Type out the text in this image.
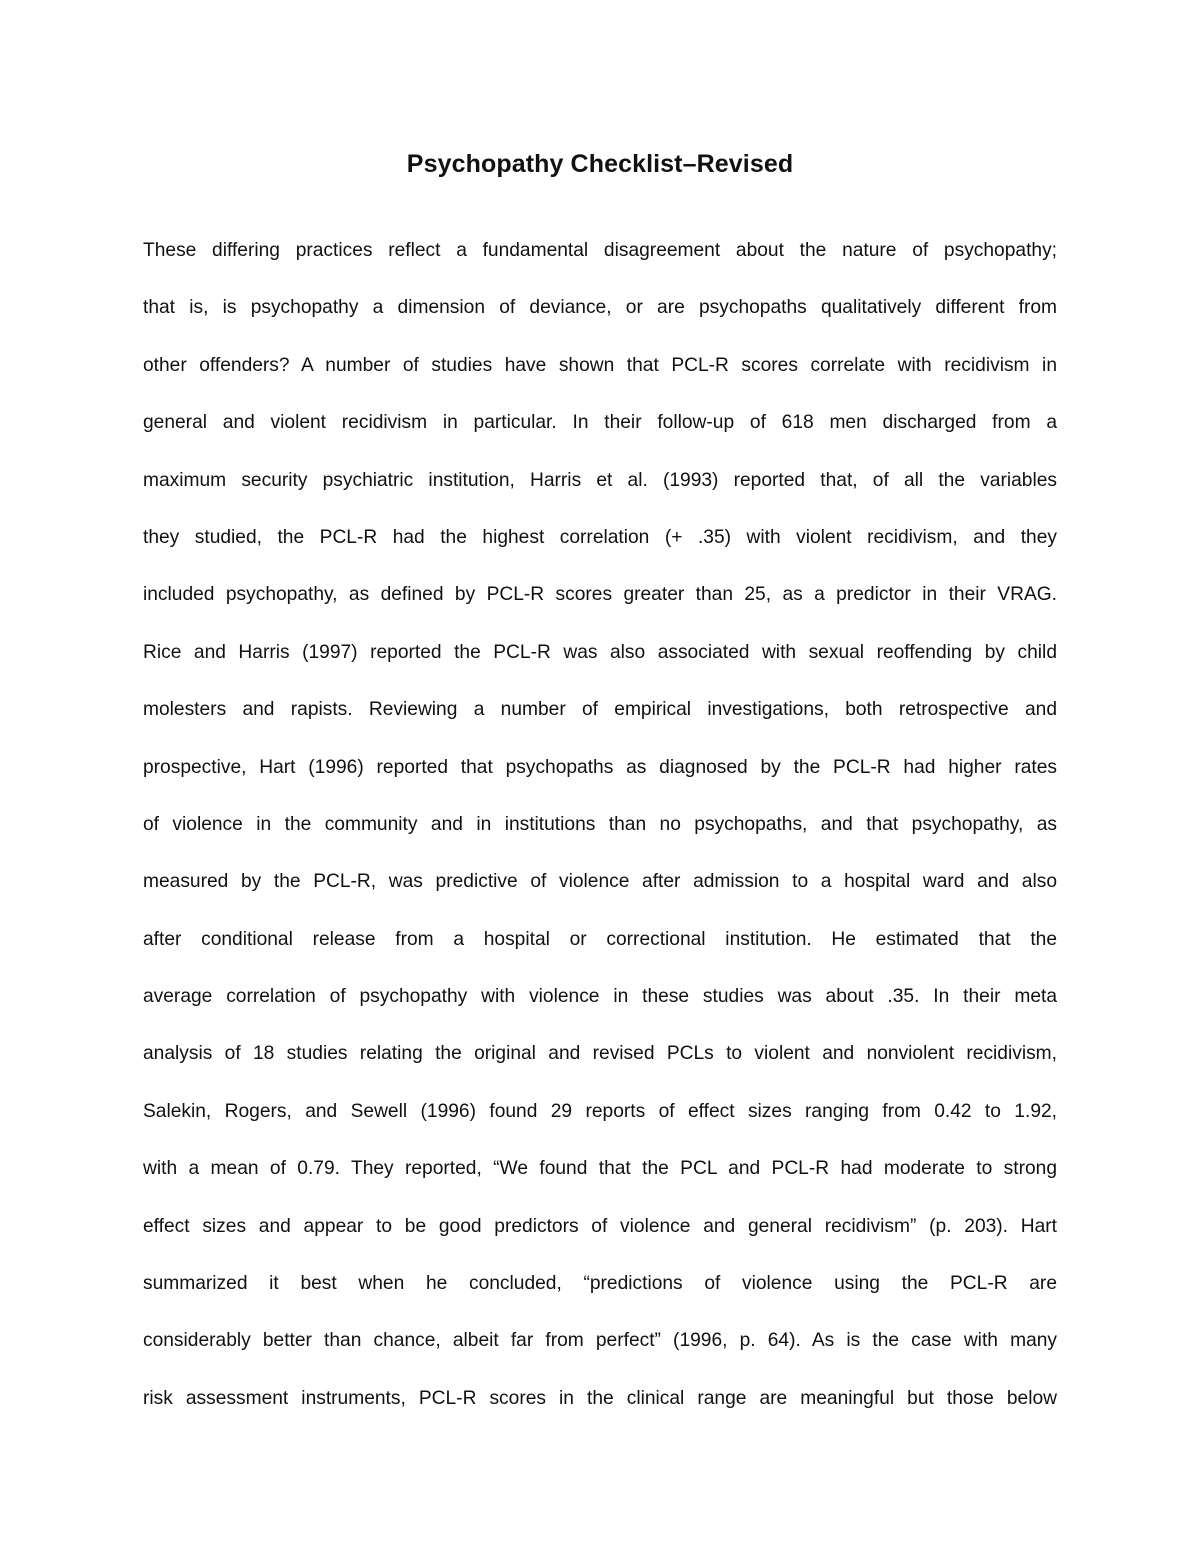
Psychopathy Checklist–Revised
These differing practices reflect a fundamental disagreement about the nature of psychopathy;
that is, is psychopathy a dimension of deviance, or are psychopaths qualitatively different from
other offenders? A number of studies have shown that PCL-R scores correlate with recidivism in
general and violent recidivism in particular. In their follow-up of 618 men discharged from a
maximum security psychiatric institution, Harris et al. (1993) reported that, of all the variables
they studied, the PCL-R had the highest correlation (+ .35) with violent recidivism, and they
included psychopathy, as defined by PCL-R scores greater than 25, as a predictor in their VRAG.
Rice and Harris (1997) reported the PCL-R was also associated with sexual reoffending by child
molesters and rapists. Reviewing a number of empirical investigations, both retrospective and
prospective, Hart (1996) reported that psychopaths as diagnosed by the PCL-R had higher rates
of violence in the community and in institutions than no psychopaths, and that psychopathy, as
measured by the PCL-R, was predictive of violence after admission to a hospital ward and also
after conditional release from a hospital or correctional institution. He estimated that the
average correlation of psychopathy with violence in these studies was about .35. In their meta
analysis of 18 studies relating the original and revised PCLs to violent and nonviolent recidivism,
Salekin, Rogers, and Sewell (1996) found 29 reports of effect sizes ranging from 0.42 to 1.92,
with a mean of 0.79. They reported, “We found that the PCL and PCL-R had moderate to strong
effect sizes and appear to be good predictors of violence and general recidivism” (p. 203). Hart
summarized it best when he concluded, “predictions of violence using the PCL-R are
considerably better than chance, albeit far from perfect” (1996, p. 64). As is the case with many
risk assessment instruments, PCL-R scores in the clinical range are meaningful but those below
